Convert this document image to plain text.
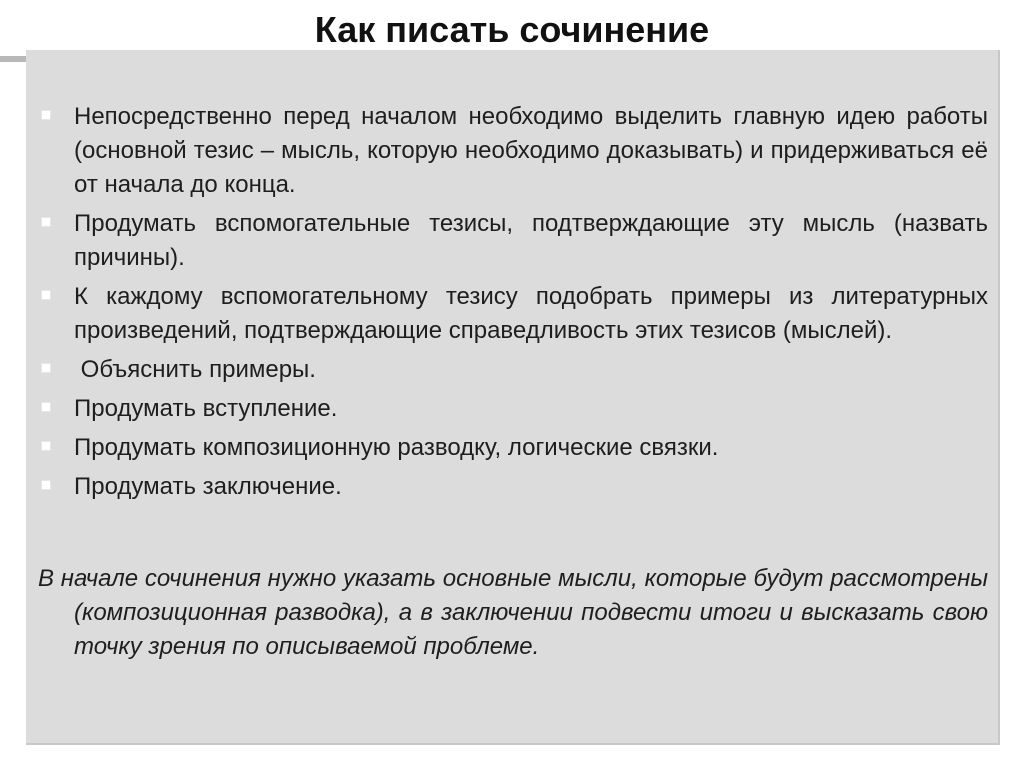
Как писать сочинение
Непосредственно перед началом необходимо выделить главную идею работы (основной тезис – мысль, которую необходимо доказывать) и придерживаться её от начала до конца.
Продумать вспомогательные тезисы, подтверждающие эту мысль (назвать причины).
К каждому вспомогательному тезису подобрать примеры из литературных произведений, подтверждающие справедливость этих тезисов (мыслей).
Объяснить примеры.
Продумать вступление.
Продумать композиционную разводку, логические связки.
Продумать заключение.
В начале сочинения нужно указать основные мысли, которые будут рассмотрены (композиционная разводка), а в заключении подвести итоги и высказать свою точку зрения по описываемой проблеме.
